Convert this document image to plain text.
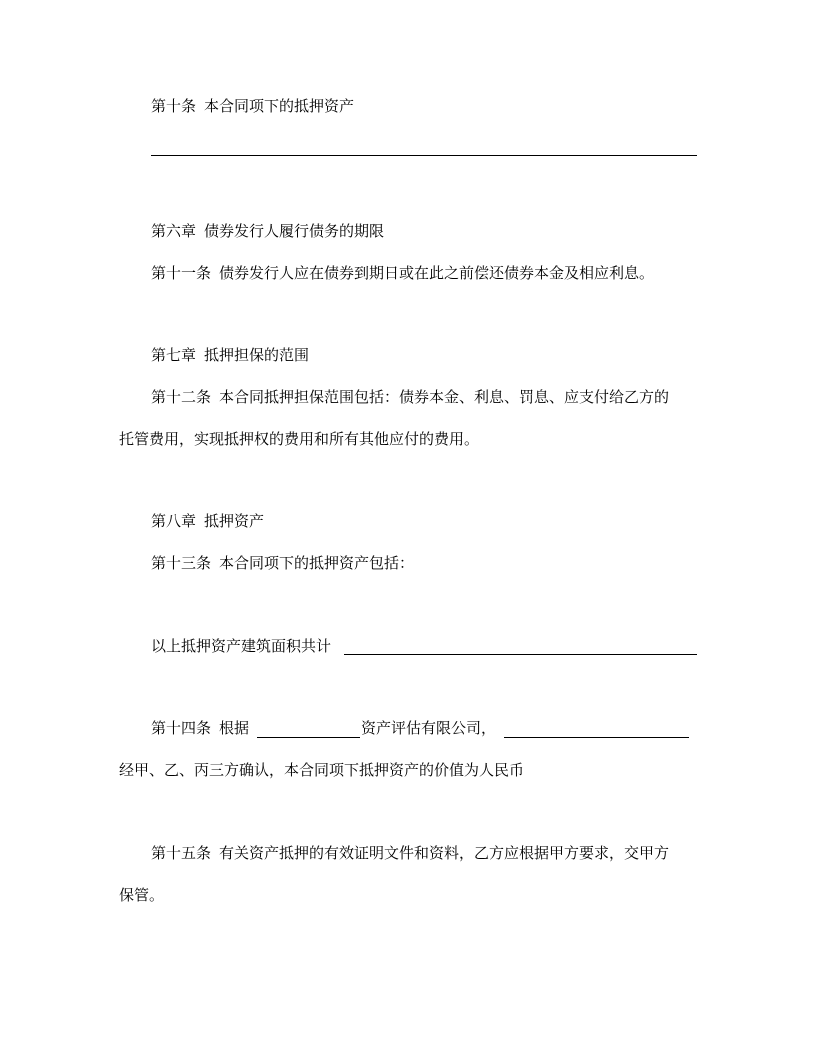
第十条 本合同项下的抵押资产
第六章 债券发行人履行债务的期限
第十一条 债券发行人应在债券到期日或在此之前偿还债券本金及相应利息。
第七章 抵押担保的范围
第十二条 本合同抵押担保范围包括：债券本金、利息、罚息、应支付给乙方的
托管费用，实现抵押权的费用和所有其他应付的费用。
第八章 抵押资产
第十三条 本合同项下的抵押资产包括：
以上抵押资产建筑面积共计
第十四条 根据	资产评估有限公司，
经甲、乙、丙三方确认，本合同项下抵押资产的价值为人民币
第十五条 有关资产抵押的有效证明文件和资料，乙方应根据甲方要求，交甲方
保管。
